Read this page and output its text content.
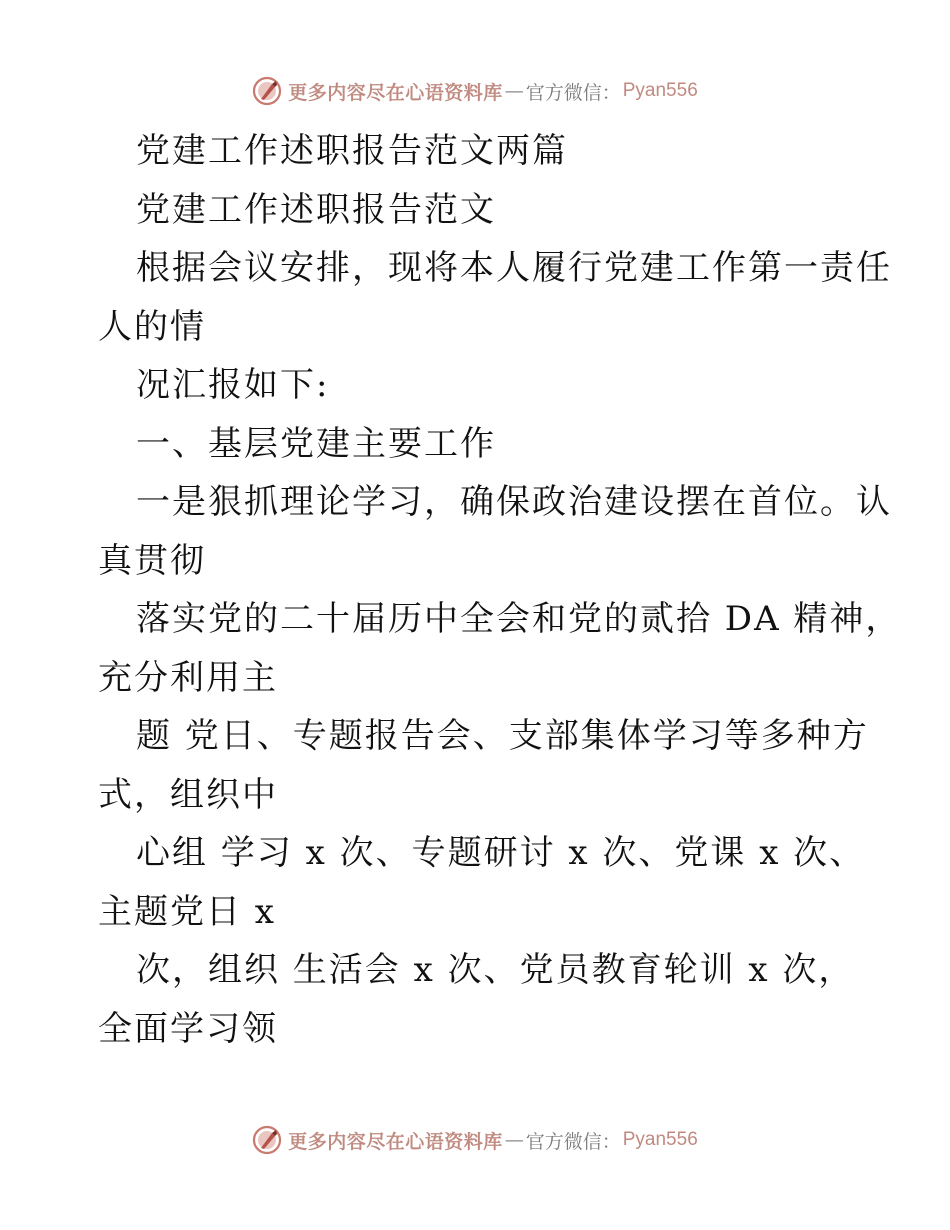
更多内容尽在心语资料库 — 官方微信： Pyan556
党建工作述职报告范文两篇
党建工作述职报告范文
根据会议安排，现将本人履行党建工作第一责任
人的情
况汇报如下:
一、基层党建主要工作
一是狠抓理论学习，确保政治建设摆在首位。认
真贯彻
落实党的二十届历中全会和党的贰拾 DA 精神，
充分利用主
题 党日、专题报告会、支部集体学习等多种方
式，组织中
心组 学习 x 次、专题研讨 x 次、党课 x 次、
主题党日 x
次，组织 生活会 x 次、党员教育轮训 x 次，
全面学习领
更多内容尽在心语资料库 — 官方微信： Pyan556
